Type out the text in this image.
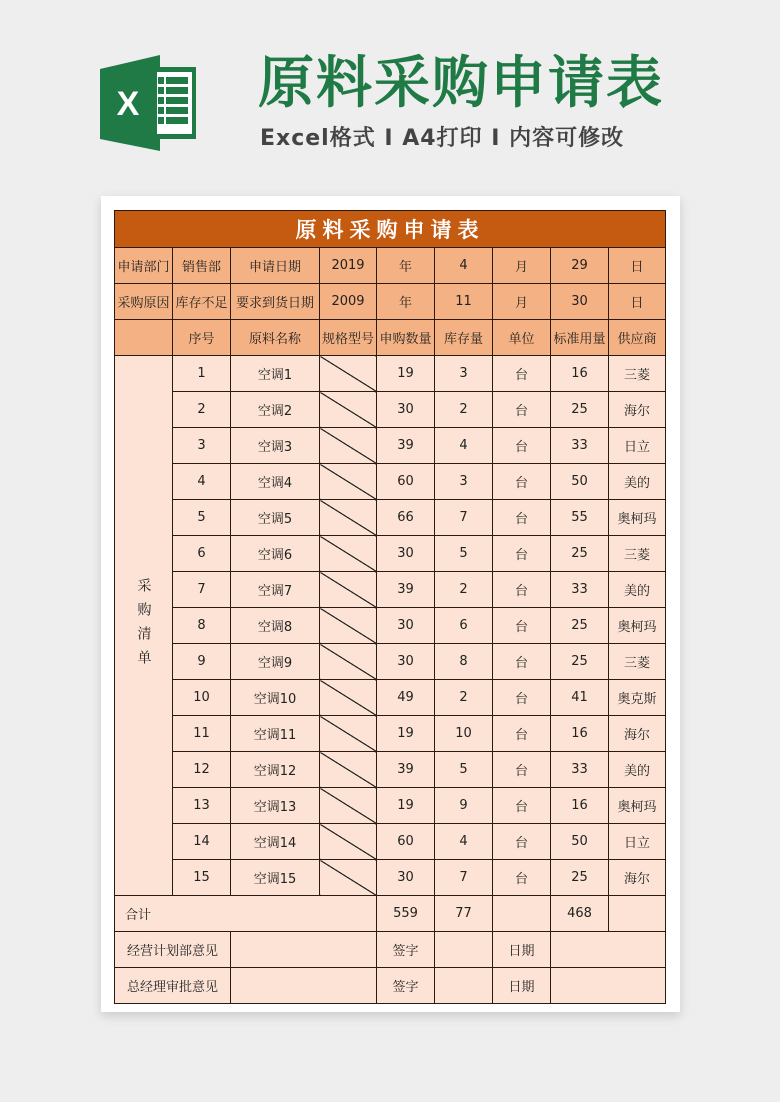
X 原料采购申请表
Excel格式 I A4打印 I 内容可修改
原料采购申请表								
申请部门	销售部	申请日期	2019	年	4	月	29	日
采购原因	库存不足	要求到货日期	2009	年	11	月	30	日
	序号	原料名称	规格型号	申购数量	库存量	单位	标准用量	供应商
采购清单	1	空调1		19	3	台	16	三菱
	2	空调2		30	2	台	25	海尔
	3	空调3		39	4	台	33	日立
	4	空调4		60	3	台	50	美的
	5	空调5		66	7	台	55	奥柯玛
	6	空调6		30	5	台	25	三菱
	7	空调7		39	2	台	33	美的
	8	空调8		30	6	台	25	奥柯玛
	9	空调9		30	8	台	25	三菱
	10	空调10		49	2	台	41	奥克斯
	11	空调11		19	10	台	16	海尔
	12	空调12		39	5	台	33	美的
	13	空调13		19	9	台	16	奥柯玛
	14	空调14		60	4	台	50	日立
	15	空调15		30	7	台	25	海尔
合计				559	77		468	
经营计划部意见				签字		日期		
总经理审批意见				签字		日期		
